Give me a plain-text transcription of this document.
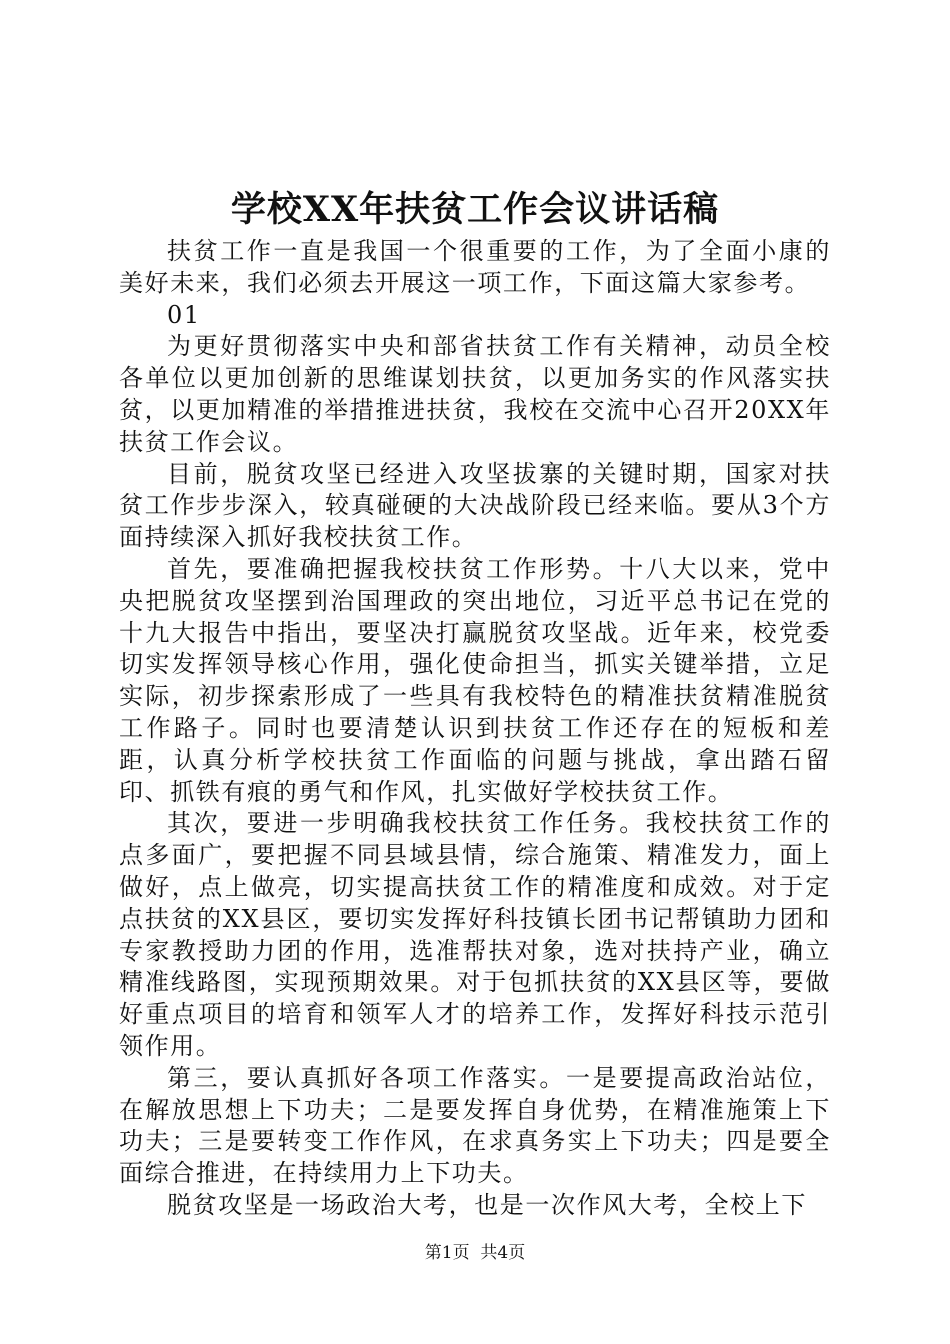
学校XX年扶贫工作会议讲话稿

扶贫工作一直是我国一个很重要的工作，为了全面小康的美好未来，我们必须去开展这一项工作，下面这篇大家参考。

01

为更好贯彻落实中央和部省扶贫工作有关精神，动员全校各单位以更加创新的思维谋划扶贫，以更加务实的作风落实扶贫，以更加精准的举措推进扶贫，我校在交流中心召开20XX年扶贫工作会议。

目前，脱贫攻坚已经进入攻坚拔寨的关键时期，国家对扶贫工作步步深入，较真碰硬的大决战阶段已经来临。要从3个方面持续深入抓好我校扶贫工作。

首先，要准确把握我校扶贫工作形势。十八大以来，党中央把脱贫攻坚摆到治国理政的突出地位，习近平总书记在党的十九大报告中指出，要坚决打赢脱贫攻坚战。近年来，校党委切实发挥领导核心作用，强化使命担当，抓实关键举措，立足实际，初步探索形成了一些具有我校特色的精准扶贫精准脱贫工作路子。同时也要清楚认识到扶贫工作还存在的短板和差距，认真分析学校扶贫工作面临的问题与挑战，拿出踏石留印、抓铁有痕的勇气和作风，扎实做好学校扶贫工作。

其次，要进一步明确我校扶贫工作任务。我校扶贫工作的点多面广，要把握不同县域县情，综合施策、精准发力，面上做好，点上做亮，切实提高扶贫工作的精准度和成效。对于定点扶贫的XX县区，要切实发挥好科技镇长团书记帮镇助力团和专家教授助力团的作用，选准帮扶对象，选对扶持产业，确立精准线路图，实现预期效果。对于包抓扶贫的XX县区等，要做好重点项目的培育和领军人才的培养工作，发挥好科技示范引领作用。

第三，要认真抓好各项工作落实。一是要提高政治站位，在解放思想上下功夫；二是要发挥自身优势，在精准施策上下功夫；三是要转变工作作风，在求真务实上下功夫；四是要全面综合推进，在持续用力上下功夫。

脱贫攻坚是一场政治大考，也是一次作风大考，全校上下

第1页  共4页
